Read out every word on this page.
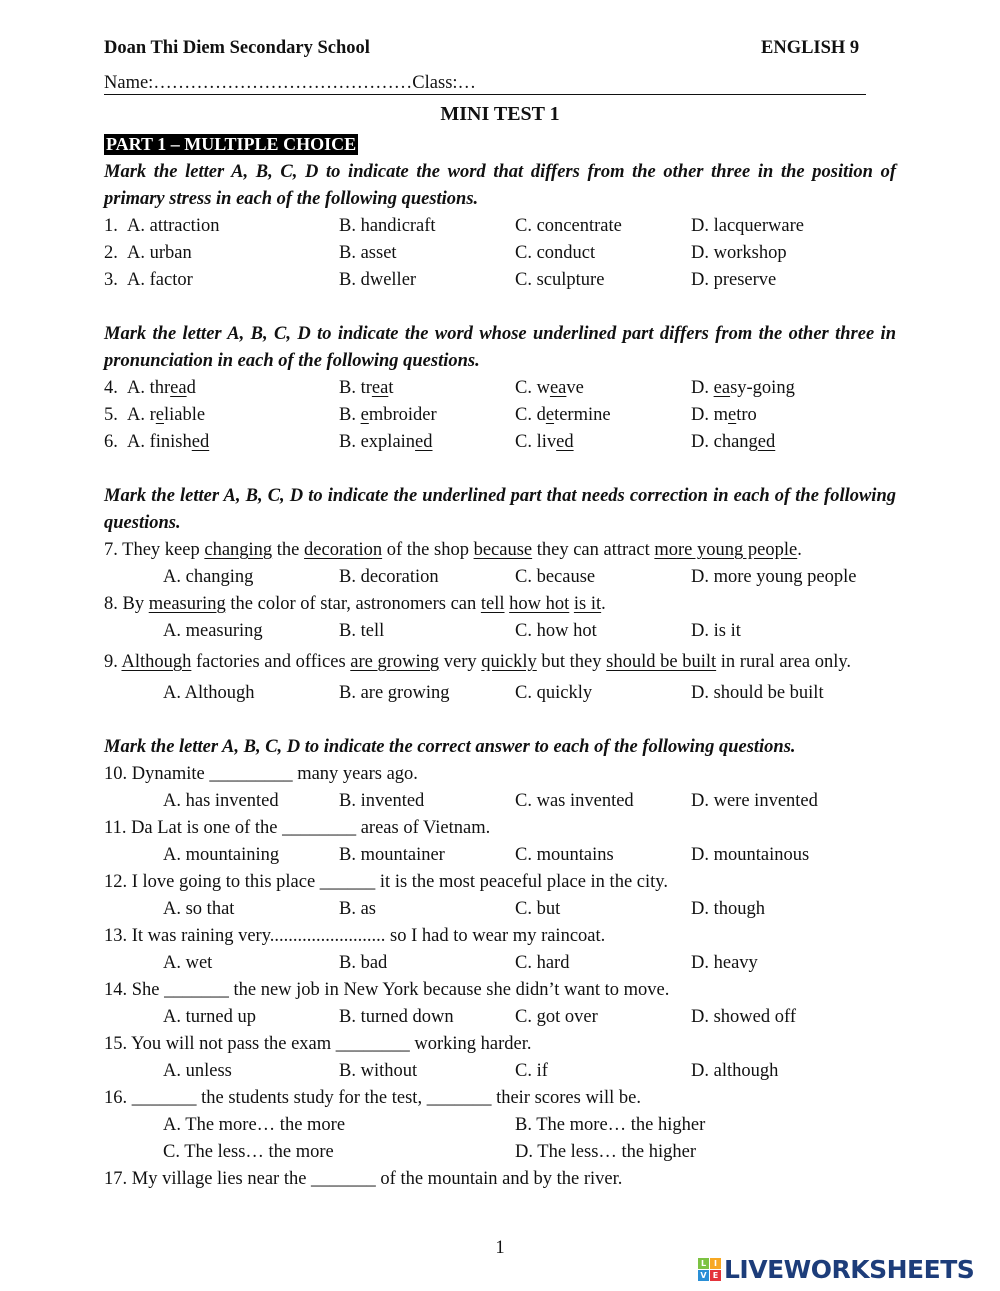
Doan Thi Diem Secondary School	ENGLISH 9
Name:……………………………………Class:…
MINI TEST 1
PART 1 – MULTIPLE CHOICE
Mark the letter A, B, C, D to indicate the word that differs from the other three in the position of primary stress in each of the following questions.
1. A. attraction	B. handicraft	C. concentrate	D. lacquerware
2. A. urban	B. asset	C. conduct	D. workshop
3. A. factor	B. dweller	C. sculpture	D. preserve
Mark the letter A, B, C, D to indicate the word whose underlined part differs from the other three in pronunciation in each of the following questions.
4. A. thread	B. treat	C. weave	D. easy-going
5. A. reliable	B. embroider	C. determine	D. metro
6. A. finished	B. explained	C. lived	D. changed
Mark the letter A, B, C, D to indicate the underlined part that needs correction in each of the following questions.
7. They keep changing the decoration of the shop because they can attract more young people.
A. changing	B. decoration	C. because	D. more young people
8. By measuring the color of star, astronomers can tell how hot is it.
A. measuring	B. tell	C. how hot	D. is it
9. Although factories and offices are growing very quickly but they should be built in rural area only.
A. Although	B. are growing	C. quickly	D. should be built
Mark the letter A, B, C, D to indicate the correct answer to each of the following questions.
10. Dynamite _________ many years ago.
A. has invented	B. invented	C. was invented	D. were invented
11. Da Lat is one of the ________ areas of Vietnam.
A. mountaining	B. mountainer	C. mountains	D. mountainous
12. I love going to this place ______ it is the most peaceful place in the city.
A. so that	B. as	C. but	D. though
13. It was raining very......................... so I had to wear my raincoat.
A. wet	B. bad	C. hard	D. heavy
14. She _______ the new job in New York because she didn’t want to move.
A. turned up	B. turned down	C. got over	D. showed off
15. You will not pass the exam ________ working harder.
A. unless	B. without	C. if	D. although
16. _______ the students study for the test, _______ their scores will be.
A. The more… the more	B. The more… the higher
C. The less… the more	D. The less… the higher
17. My village lies near the _______ of the mountain and by the river.
1
L I
V E LIVEWORKSHEETS
